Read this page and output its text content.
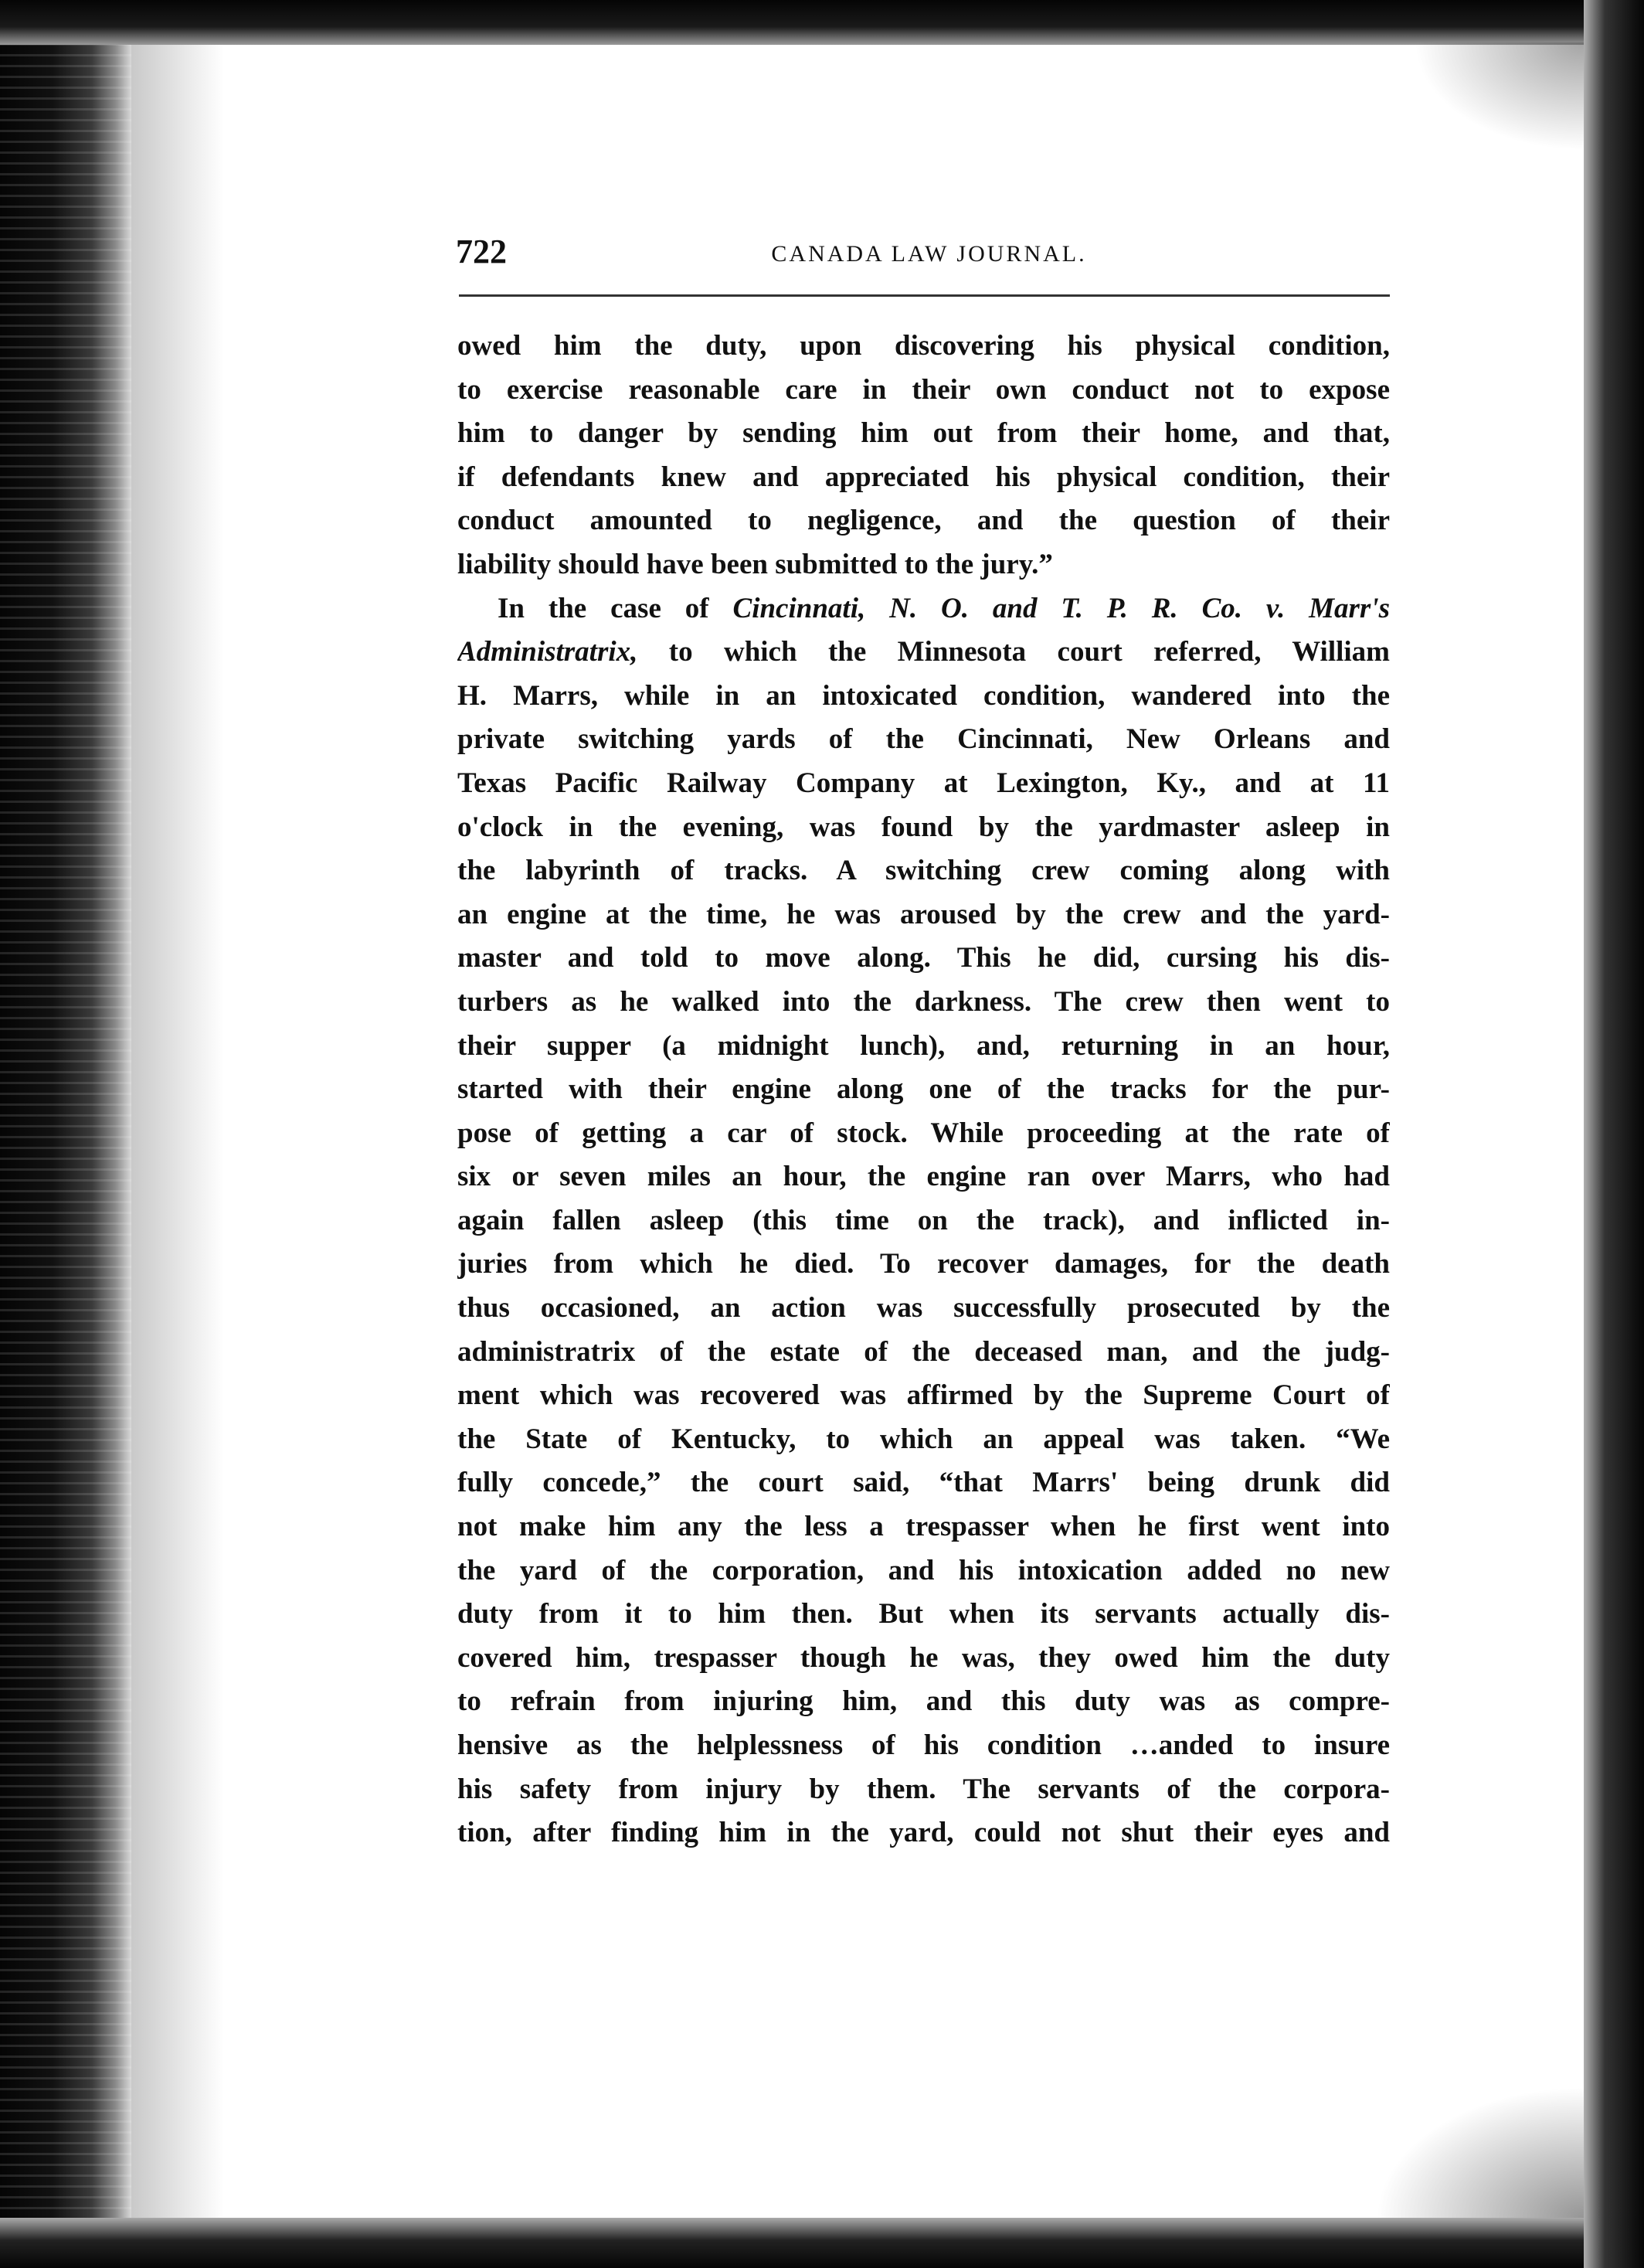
722	CANADA LAW JOURNAL.
owed him the duty, upon discovering his physical condition,
to exercise reasonable care in their own conduct not to expose
him to danger by sending him out from their home, and that,
if defendants knew and appreciated his physical condition, their
conduct amounted to negligence, and the question of their
liability should have been submitted to the jury.”
In the case of Cincinnati, N. O. and T. P. R. Co. v. Marr's
Administratrix, to which the Minnesota court referred, William
H. Marrs, while in an intoxicated condition, wandered into the
private switching yards of the Cincinnati, New Orleans and
Texas Pacific Railway Company at Lexington, Ky., and at 11
o'clock in the evening, was found by the yardmaster asleep in
the labyrinth of tracks. A switching crew coming along with
an engine at the time, he was aroused by the crew and the yard-
master and told to move along. This he did, cursing his dis-
turbers as he walked into the darkness. The crew then went to
their supper (a midnight lunch), and, returning in an hour,
started with their engine along one of the tracks for the pur-
pose of getting a car of stock. While proceeding at the rate of
six or seven miles an hour, the engine ran over Marrs, who had
again fallen asleep (this time on the track), and inflicted in-
juries from which he died. To recover damages, for the death
thus occasioned, an action was successfully prosecuted by the
administratrix of the estate of the deceased man, and the judg-
ment which was recovered was affirmed by the Supreme Court of
the State of Kentucky, to which an appeal was taken. “We
fully concede,” the court said, “that Marrs' being drunk did
not make him any the less a trespasser when he first went into
the yard of the corporation, and his intoxication added no new
duty from it to him then. But when its servants actually dis-
covered him, trespasser though he was, they owed him the duty
to refrain from injuring him, and this duty was as compre-
hensive as the helplessness of his condition …anded to insure
his safety from injury by them. The servants of the corpora-
tion, after finding him in the yard, could not shut their eyes and
